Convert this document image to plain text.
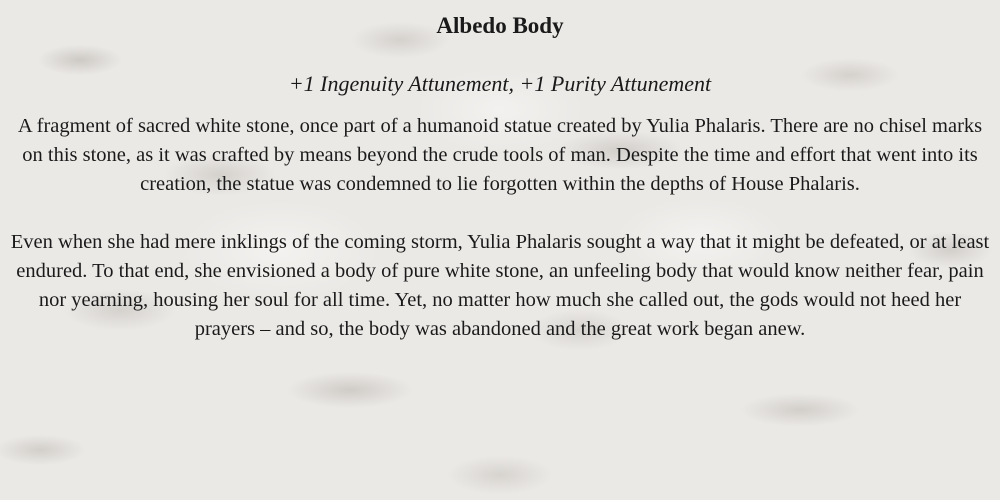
Albedo Body

+1 Ingenuity Attunement, +1 Purity Attunement

A fragment of sacred white stone, once part of a humanoid statue created by Yulia Phalaris. There are no chisel marks on this stone, as it was crafted by means beyond the crude tools of man. Despite the time and effort that went into its creation, the statue was condemned to lie forgotten within the depths of House Phalaris.

Even when she had mere inklings of the coming storm, Yulia Phalaris sought a way that it might be defeated, or at least endured. To that end, she envisioned a body of pure white stone, an unfeeling body that would know neither fear, pain nor yearning, housing her soul for all time. Yet, no matter how much she called out, the gods would not heed her prayers – and so, the body was abandoned and the great work began anew.
